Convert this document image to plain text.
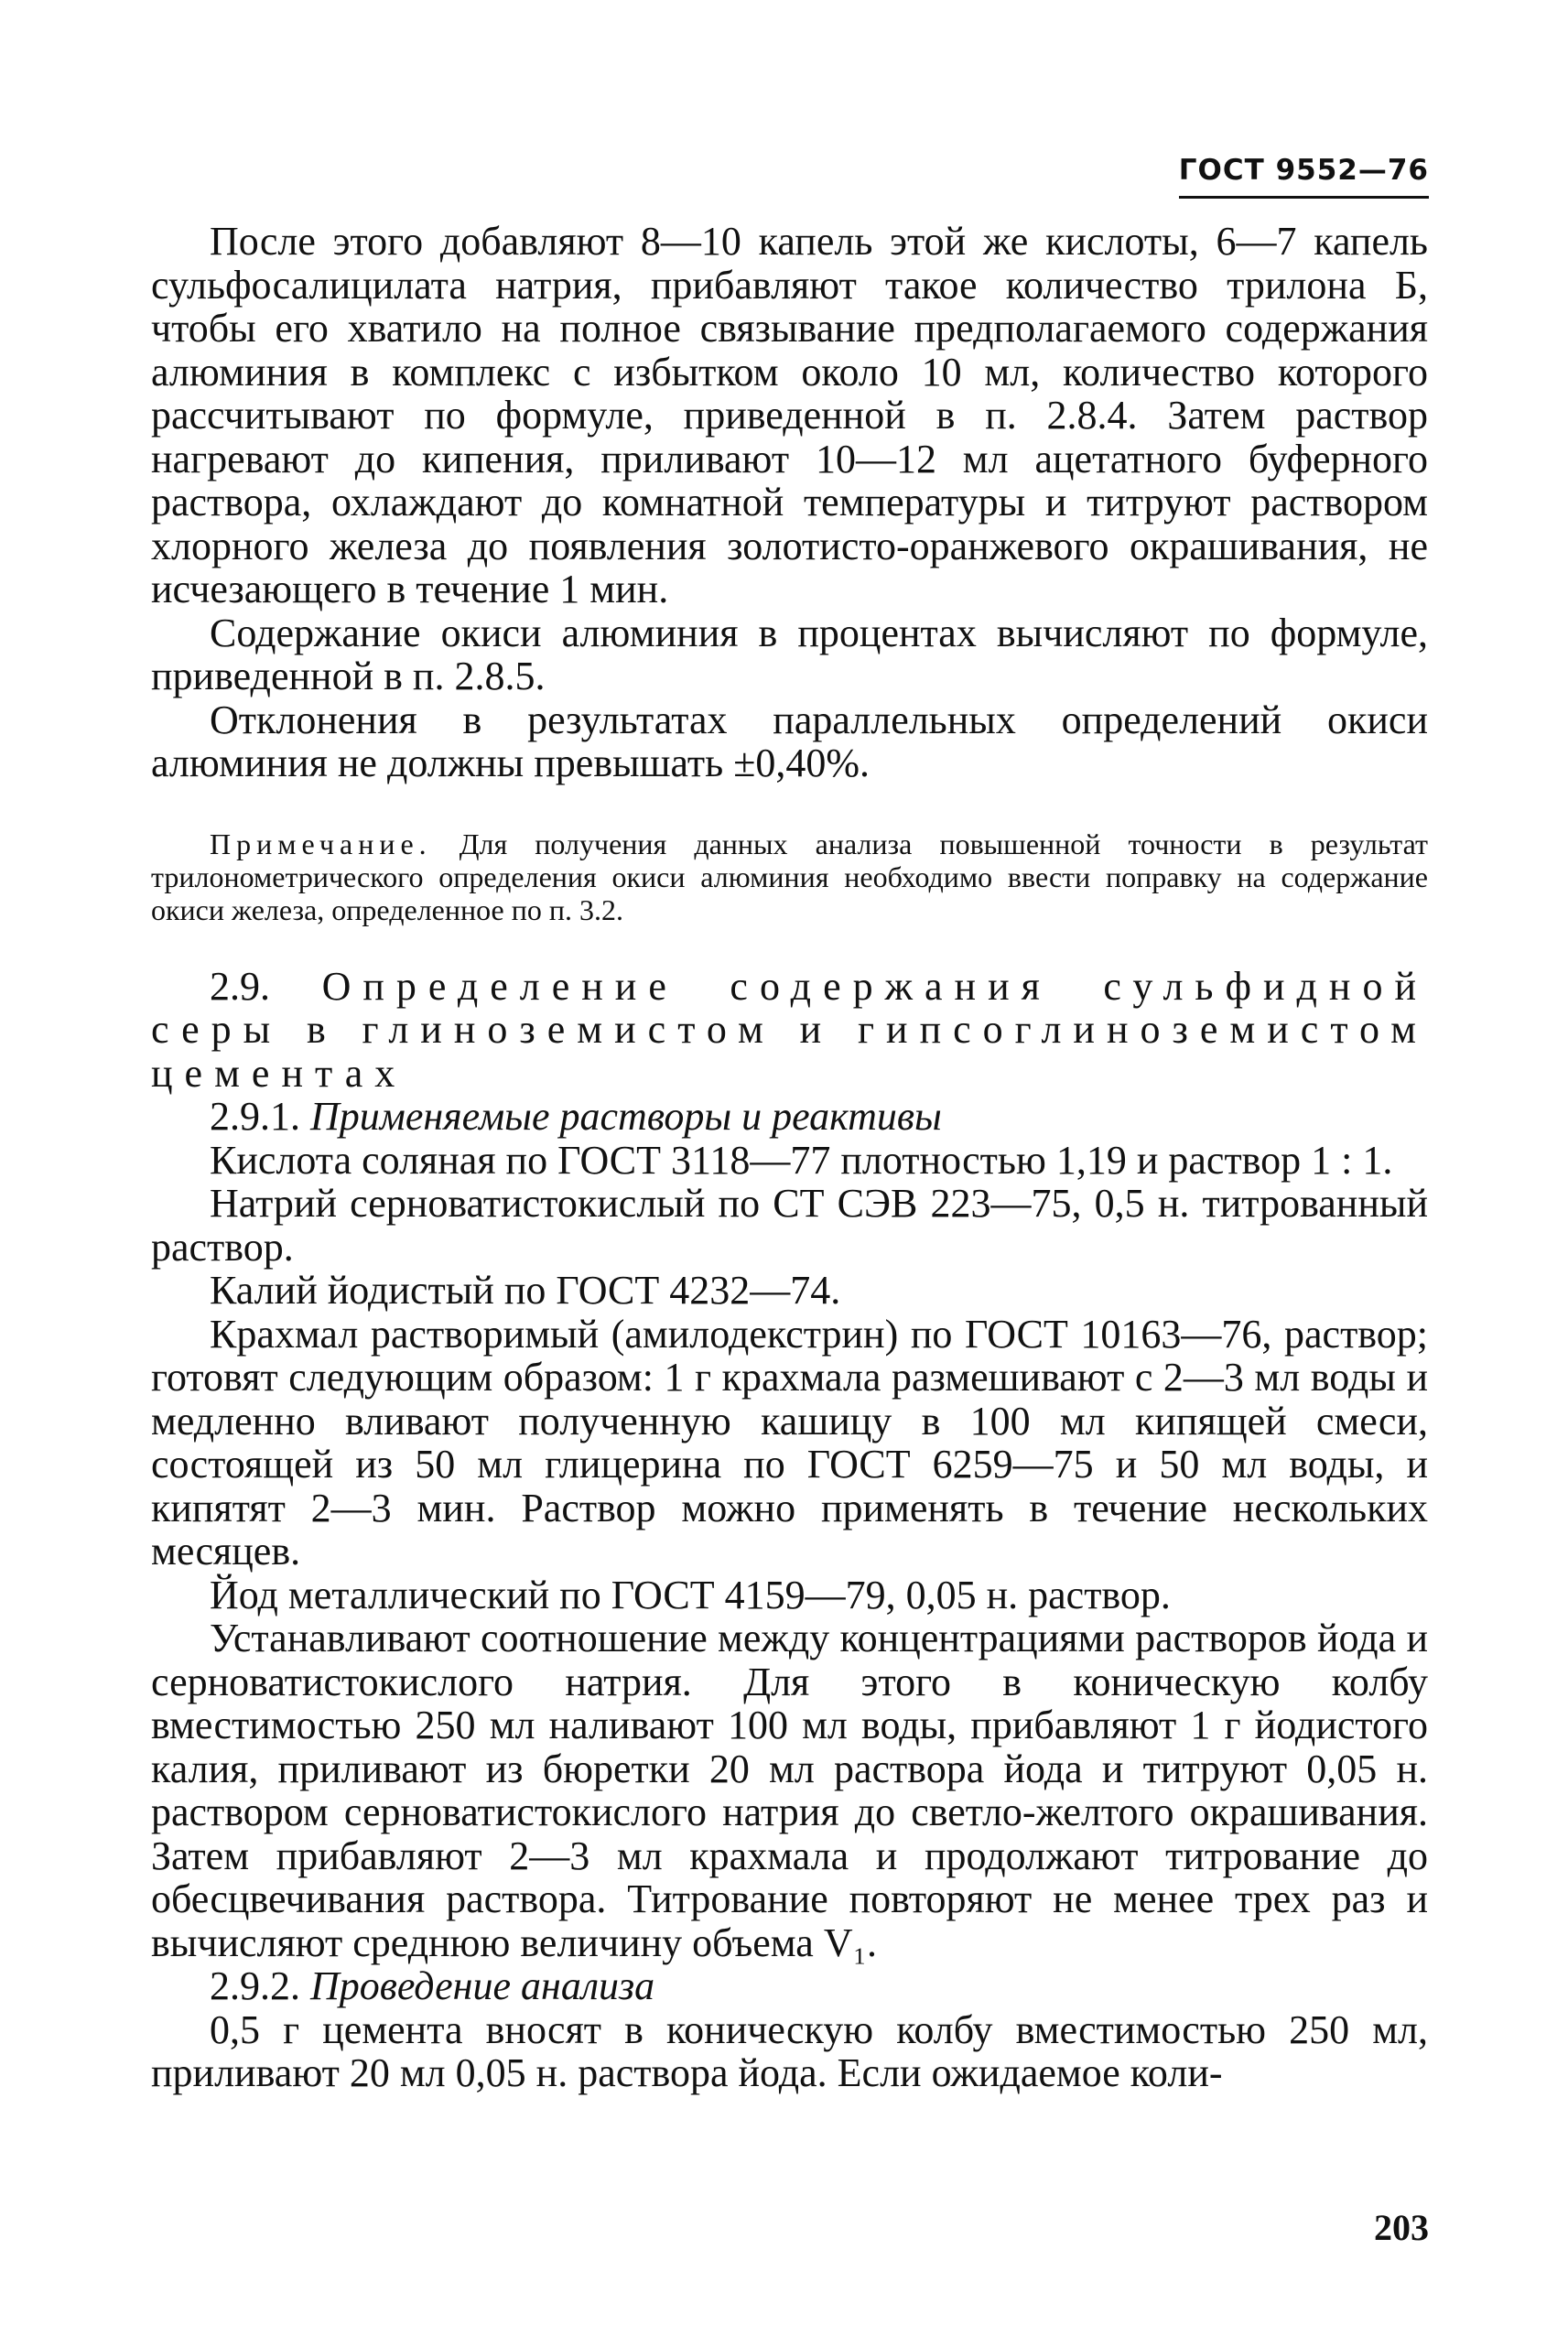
ГОСТ 9552—76

После этого добавляют 8—10 капель этой же кислоты, 6—7 капель сульфосалицилата натрия, прибавляют такое количество трилона Б, чтобы его хватило на полное связывание предполагаемого содержания алюминия в комплекс с избытком около 10 мл, количество которого рассчитывают по формуле, приведенной в п. 2.8.4. Затем раствор нагревают до кипения, приливают 10—12 мл ацетатного буферного раствора, охлаждают до комнатной температуры и титруют раствором хлорного железа до появления золотисто-оранжевого окрашивания, не исчезающего в течение 1 мин.

Содержание окиси алюминия в процентах вычисляют по формуле, приведенной в п. 2.8.5.

Отклонения в результатах параллельных определений окиси алюминия не должны превышать ±0,40%.

Примечание. Для получения данных анализа повышенной точности в результат трилонометрического определения окиси алюминия необходимо ввести поправку на содержание окиси железа, определенное по п. 3.2.

2.9. Определение содержания сульфидной серы в глиноземистом и гипсоглиноземистом цементах

2.9.1. Применяемые растворы и реактивы

Кислота соляная по ГОСТ 3118—77 плотностью 1,19 и раствор 1 : 1.

Натрий серноватистокислый по СТ СЭВ 223—75, 0,5 н. титрованный раствор.

Калий йодистый по ГОСТ 4232—74.

Крахмал растворимый (амилодекстрин) по ГОСТ 10163—76, раствор; готовят следующим образом: 1 г крахмала размешивают с 2—3 мл воды и медленно вливают полученную кашицу в 100 мл кипящей смеси, состоящей из 50 мл глицерина по ГОСТ 6259—75 и 50 мл воды, и кипятят 2—3 мин. Раствор можно применять в течение нескольких месяцев.

Йод металлический по ГОСТ 4159—79, 0,05 н. раствор.

Устанавливают соотношение между концентрациями растворов йода и серноватистокислого натрия. Для этого в коническую колбу вместимостью 250 мл наливают 100 мл воды, прибавляют 1 г йодистого калия, приливают из бюретки 20 мл раствора йода и титруют 0,05 н. раствором серноватистокислого натрия до светло-желтого окрашивания. Затем прибавляют 2—3 мл крахмала и продолжают титрование до обесцвечивания раствора. Титрование повторяют не менее трех раз и вычисляют среднюю величину объема V₁.

2.9.2. Проведение анализа

0,5 г цемента вносят в коническую колбу вместимостью 250 мл, приливают 20 мл 0,05 н. раствора йода. Если ожидаемое коли-

203
